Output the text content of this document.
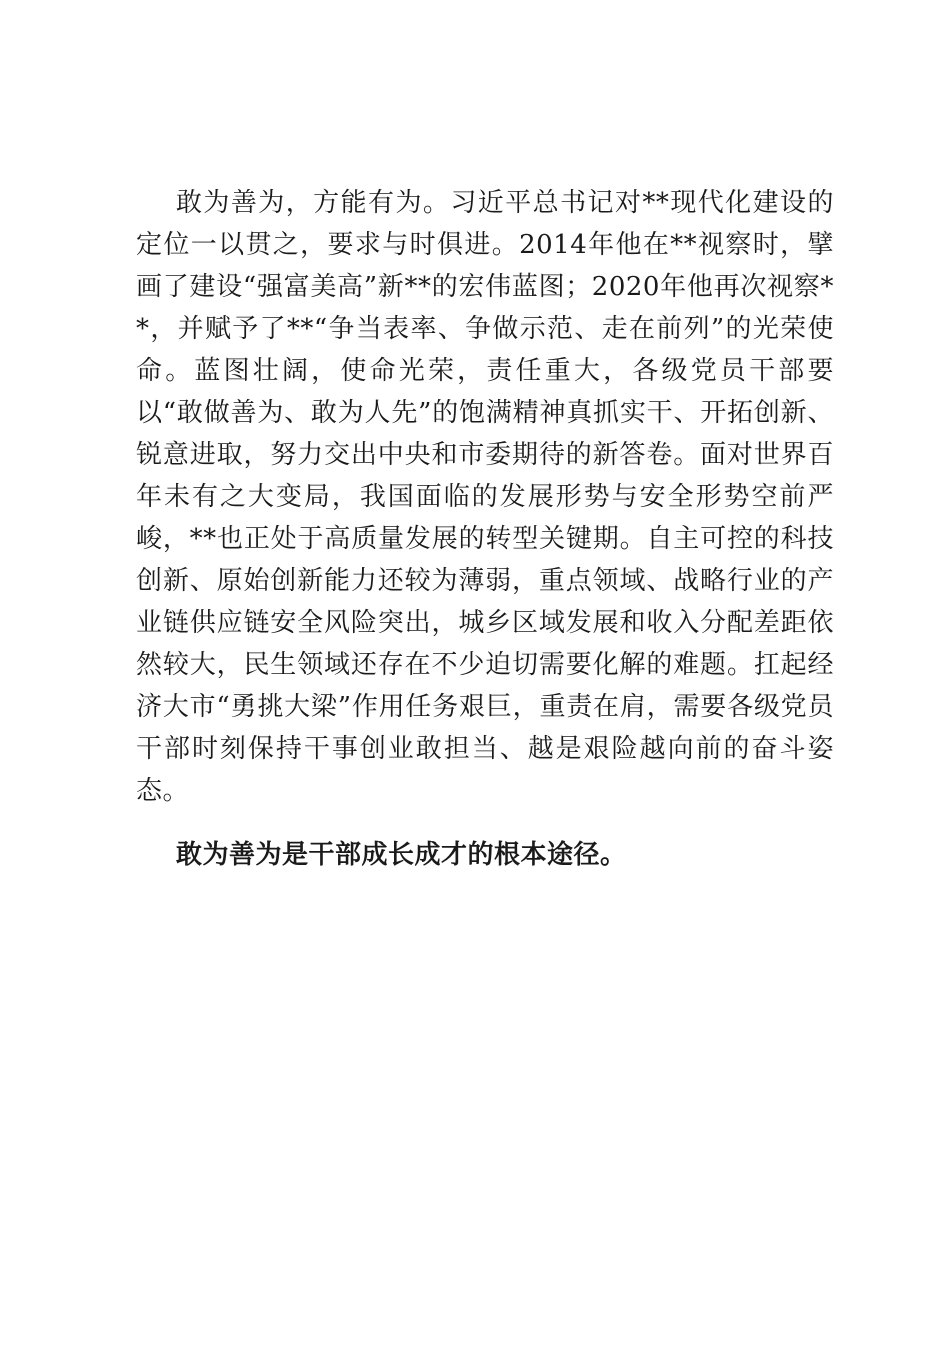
敢为善为，方能有为。习近平总书记对**现代化建设的定位一以贯之，要求与时俱进。2014年他在**视察时，擘画了建设“强富美高”新**的宏伟蓝图；2020年他再次视察**，并赋予了**“争当表率、争做示范、走在前列”的光荣使命。蓝图壮阔，使命光荣，责任重大，各级党员干部要以“敢做善为、敢为人先”的饱满精神真抓实干、开拓创新、锐意进取，努力交出中央和市委期待的新答卷。面对世界百年未有之大变局，我国面临的发展形势与安全形势空前严峻，**也正处于高质量发展的转型关键期。自主可控的科技创新、原始创新能力还较为薄弱，重点领域、战略行业的产业链供应链安全风险突出，城乡区域发展和收入分配差距依然较大，民生领域还存在不少迫切需要化解的难题。扛起经济大市“勇挑大梁”作用任务艰巨，重责在肩，需要各级党员干部时刻保持干事创业敢担当、越是艰险越向前的奋斗姿态。

敢为善为是干部成长成才的根本途径。
